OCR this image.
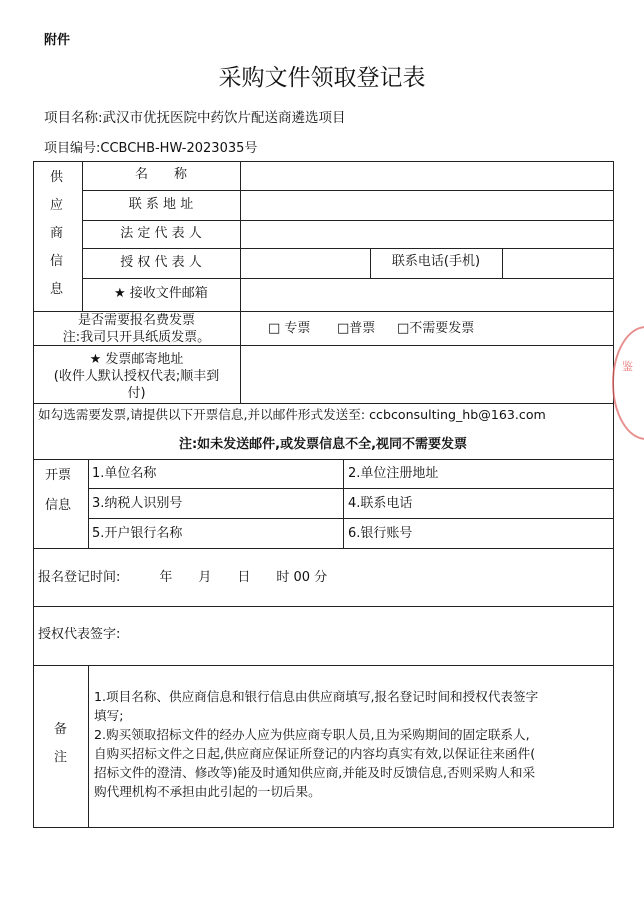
附件
采购文件领取登记表
项目名称:武汉市优抚医院中药饮片配送商遴选项目
项目编号:CCBCHB-HW-2023035号
供
应
商
信
息
名　　称
联 系 地 址
法 定 代 表 人
授 权 代 表 人	联系电话(手机)
★ 接收文件邮箱
是否需要报名费发票
注:我司只开具纸质发票。
□ 专票 □普票 □不需要发票
★ 发票邮寄地址
(收件人默认授权代表;顺丰到
付)
如勾选需要发票,请提供以下开票信息,并以邮件形式发送至: ccbconsulting_hb@163.com
注:如未发送邮件,或发票信息不全,视同不需要发票
开票
信息
1.单位名称	2.单位注册地址
3.纳税人识别号	4.联系电话
5.开户银行名称	6.银行账号
报名登记时间:　　　年　　月　　日　　时 00 分
授权代表签字:
备
注
1.项目名称、供应商信息和银行信息由供应商填写,报名登记时间和授权代表签字
填写;
2.购买领取招标文件的经办人应为供应商专职人员,且为采购期间的固定联系人,
自购买招标文件之日起,供应商应保证所登记的内容均真实有效,以保证往来函件(
招标文件的澄清、修改等)能及时通知供应商,并能及时反馈信息,否则采购人和采
购代理机构不承担由此引起的一切后果。
鉴
